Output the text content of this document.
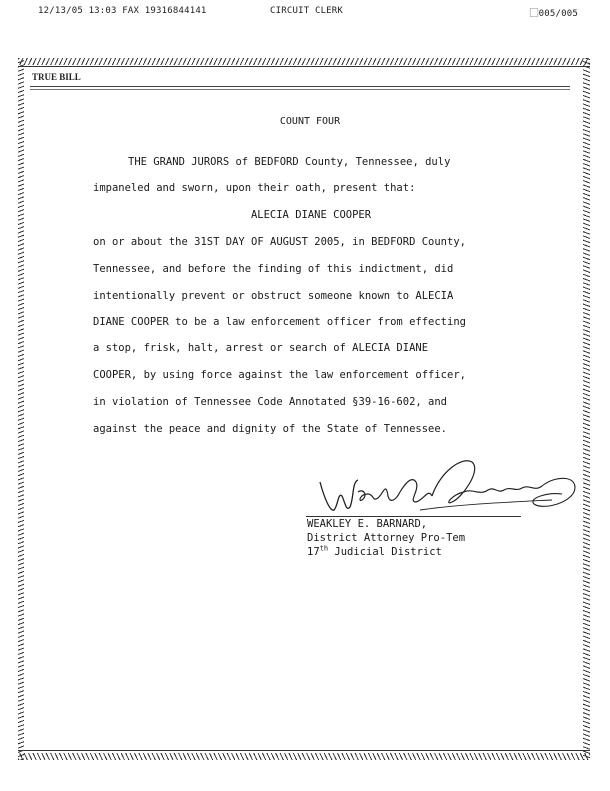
12/13/05 13:03 FAX 19316844141	CIRCUIT CLERK	⃞005/005
TRUE BILL
COUNT FOUR
THE GRAND JURORS of BEDFORD County, Tennessee, duly
impaneled and sworn, upon their oath, present that:
ALECIA DIANE COOPER
on or about the 31ST DAY OF AUGUST 2005, in BEDFORD County,
Tennessee, and before the finding of this indictment, did
intentionally prevent or obstruct someone known to ALECIA
DIANE COOPER to be a law enforcement officer from effecting
a stop, frisk, halt, arrest or search of ALECIA DIANE
COOPER, by using force against the law enforcement officer,
in violation of Tennessee Code Annotated §39-16-602, and
against the peace and dignity of the State of Tennessee.
WEAKLEY E. BARNARD,
District Attorney Pro-Tem
17th Judicial District
